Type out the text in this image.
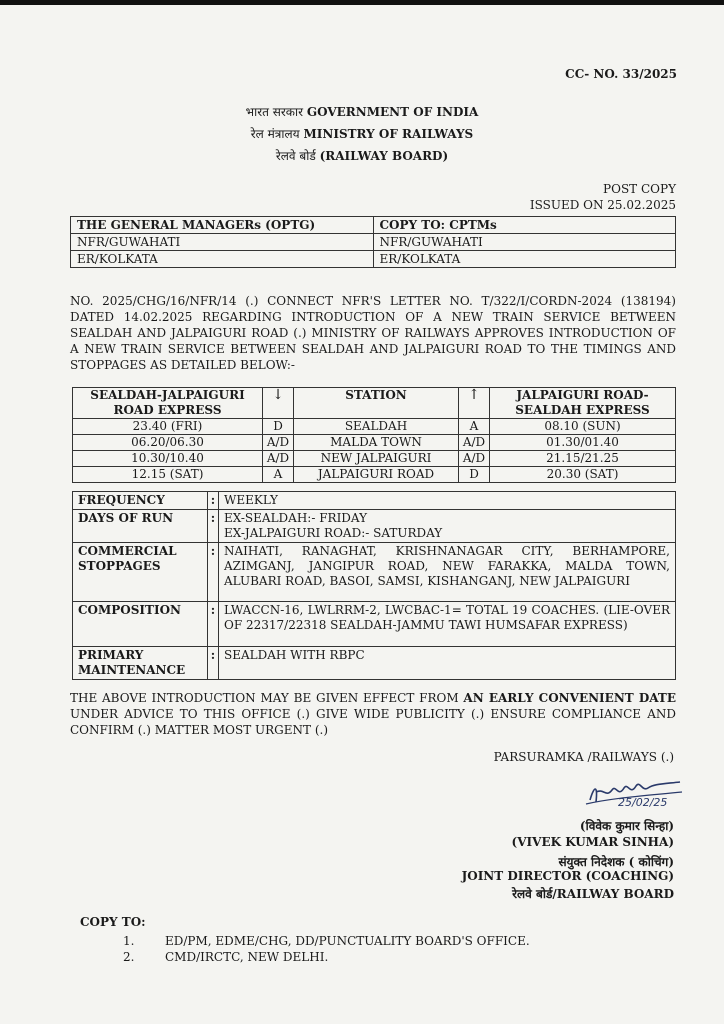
CC- NO. 33/2025
भारत सरकार GOVERNMENT OF INDIA
रेल मंत्रालय MINISTRY OF RAILWAYS
रेलवे बोर्ड (RAILWAY BOARD)
POST COPY
ISSUED ON 25.02.2025
THE GENERAL MANAGERs (OPTG)	COPY TO: CPTMs
NFR/GUWAHATI	NFR/GUWAHATI
ER/KOLKATA	ER/KOLKATA
NO. 2025/CHG/16/NFR/14 (.) CONNECT NFR'S LETTER NO. T/322/I/CORDN-2024 (138194) DATED 14.02.2025 REGARDING INTRODUCTION OF A NEW TRAIN SERVICE BETWEEN SEALDAH AND JALPAIGURI ROAD (.) MINISTRY OF RAILWAYS APPROVES INTRODUCTION OF A NEW TRAIN SERVICE BETWEEN SEALDAH AND JALPAIGURI ROAD TO THE TIMINGS AND STOPPAGES AS DETAILED BELOW:-
SEALDAH-JALPAIGURI ROAD EXPRESS	↓	STATION	↑	JALPAIGURI ROAD-SEALDAH EXPRESS
23.40 (FRI)	D	SEALDAH	A	08.10 (SUN)
06.20/06.30	A/D	MALDA TOWN	A/D	01.30/01.40
10.30/10.40	A/D	NEW JALPAIGURI	A/D	21.15/21.25
12.15 (SAT)	A	JALPAIGURI ROAD	D	20.30 (SAT)
FREQUENCY	:	WEEKLY
DAYS OF RUN	:	EX-SEALDAH:- FRIDAY
EX-JALPAIGURI ROAD:- SATURDAY

COMMERCIAL
STOPPAGES	:	NAIHATI, RANAGHAT, KRISHNANAGAR CITY, BERHAMPORE, AZIMGANJ, JANGIPUR ROAD, NEW FARAKKA, MALDA TOWN, ALUBARI ROAD, BASOI, SAMSI, KISHANGANJ, NEW JALPAIGURI
COMPOSITION	:	LWACCN-16, LWLRRM-2, LWCBAC-1= TOTAL 19 COACHES. (LIE-OVER OF 22317/22318 SEALDAH-JAMMU TAWI HUMSAFAR EXPRESS)

PRIMARY
MAINTENANCE	:	SEALDAH WITH RBPC
THE ABOVE INTRODUCTION MAY BE GIVEN EFFECT FROM AN EARLY CONVENIENT DATE UNDER ADVICE TO THIS OFFICE (.) GIVE WIDE PUBLICITY (.) ENSURE COMPLIANCE AND CONFIRM (.) MATTER MOST URGENT (.)
PARSURAMKA /RAILWAYS (.)
25/02/25
(विवेक कुमार सिन्हा)
(VIVEK KUMAR SINHA)
संयुक्त निदेशक ( कोचिंग)
JOINT DIRECTOR (COACHING)
रेलवे बोर्ड/RAILWAY BOARD
COPY TO:
1.	ED/PM, EDME/CHG, DD/PUNCTUALITY BOARD'S OFFICE.
2.	CMD/IRCTC, NEW DELHI.
